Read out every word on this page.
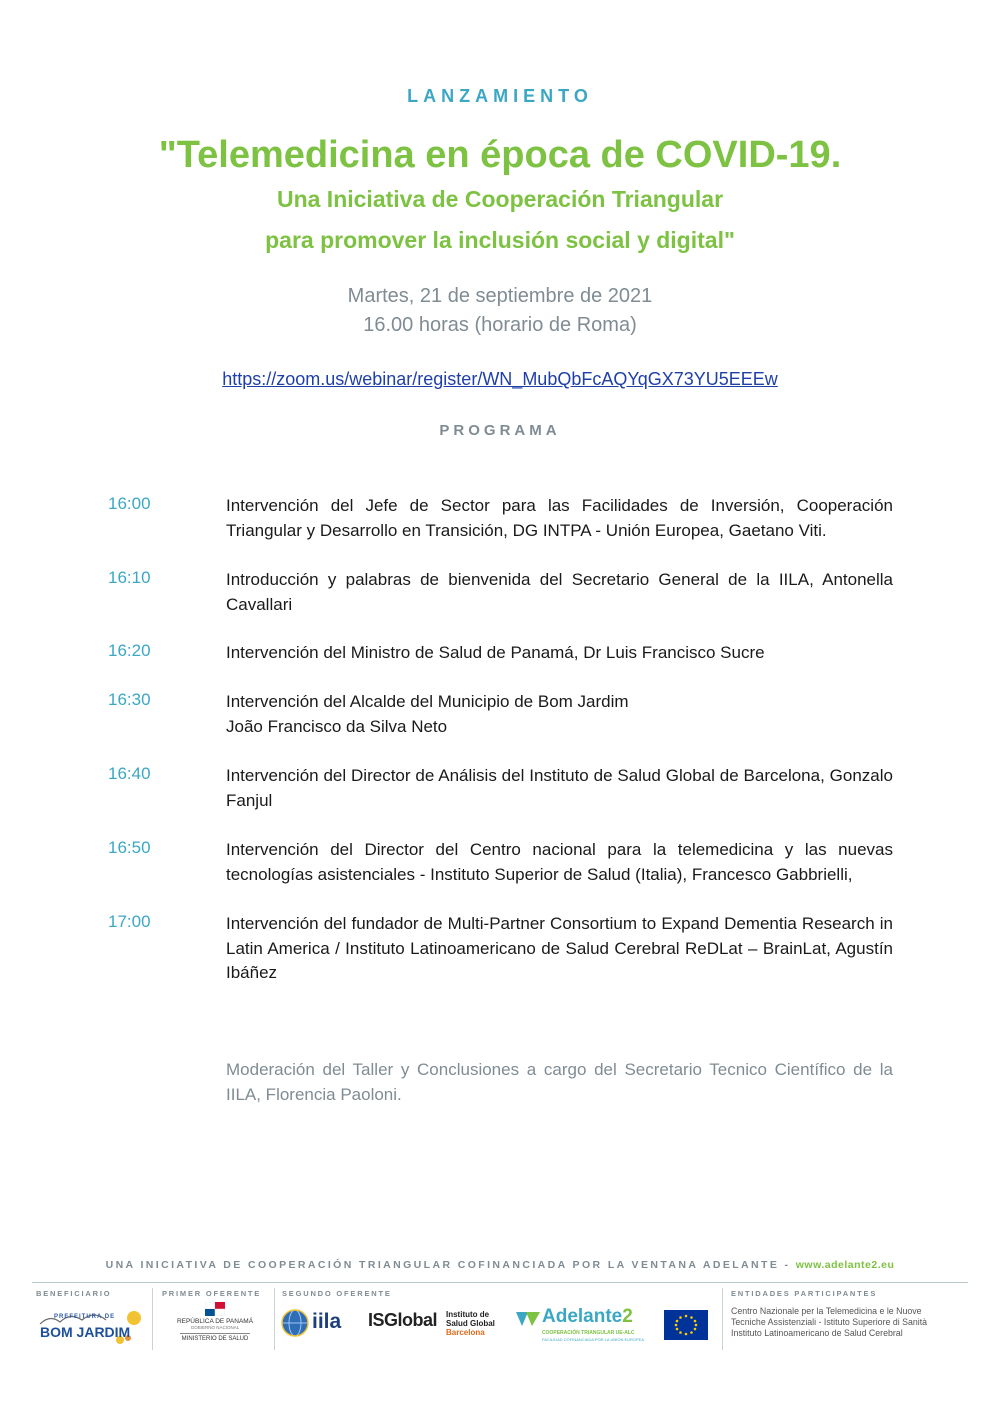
LANZAMIENTO
"Telemedicina en época de COVID-19.
Una Iniciativa de Cooperación Triangular
para promover la inclusión social y digital"
Martes, 21 de septiembre de 2021
16.00 horas (horario de Roma)
https://zoom.us/webinar/register/WN_MubQbFcAQYqGX73YU5EEEw
PROGRAMA
16:00	Intervención del Jefe de Sector para las Facilidades de Inversión, Cooperación Triangular y Desarrollo en Transición, DG INTPA - Unión Europea, Gaetano Viti.
16:10	Introducción y palabras de bienvenida del Secretario General de la IILA, Antonella Cavallari
16:20	Intervención del Ministro de Salud de Panamá, Dr Luis Francisco Sucre
16:30	Intervención del Alcalde del Municipio de Bom Jardim
João Francisco da Silva Neto
16:40	Intervención del Director de Análisis del Instituto de Salud Global de Barcelona, Gonzalo Fanjul
16:50	Intervención del Director del Centro nacional para la telemedicina y las nuevas tecnologías asistenciales - Instituto Superior de Salud (Italia), Francesco Gabbrielli,
17:00	Intervención del fundador de Multi-Partner Consortium to Expand Dementia Research in Latin America / Instituto Latinoamericano de Salud Cerebral ReDLat – BrainLat, Agustín Ibáñez
Moderación del Taller y Conclusiones a cargo del Secretario Tecnico Científico de la IILA, Florencia Paoloni.
UNA INICIATIVA DE COOPERACIÓN TRIANGULAR COFINANCIADA POR LA VENTANA ADELANTE - www.adelante2.eu
BENEFICIARIO	PRIMER OFERENTE	SEGUNDO OFERENTE	ENTIDADES PARTICIPANTES
PREFEITURA DE
BOM JARDIM
REPÚBLICA DE PANAMÁ
GOBIERNO NACIONAL
MINISTERIO DE SALUD
iila ISGlobal Instituto de
Salud Global
Barcelona
Adelante2
COOPERACIÓN TRIANGULAR UE-ALC
FACILIDAD COFINANCIADA POR LA UNIÓN EUROPEA
Centro Nazionale per la Telemedicina e le Nuove
Tecniche Assistenziali - Istituto Superiore di Sanità
Instituto Latinoamericano de Salud Cerebral
